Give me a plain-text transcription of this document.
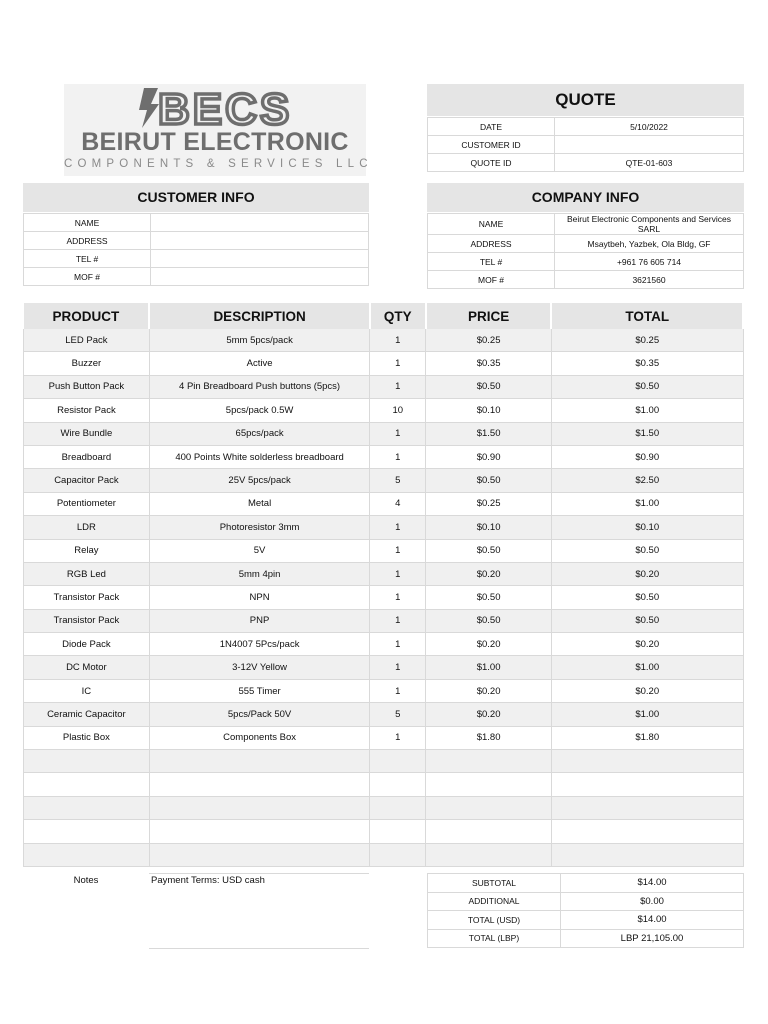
BECS
BEIRUT ELECTRONIC
COMPONENTS & SERVICES LLC
QUOTE
DATE	5/10/2022
CUSTOMER ID	
QUOTE ID	QTE-01-603
CUSTOMER INFO
NAME	
ADDRESS	
TEL #	
MOF #	
COMPANY INFO
NAME	Beirut Electronic Components and Services SARL
ADDRESS	Msaytbeh, Yazbek, Ola Bldg, GF
TEL #	+961 76 605 714
MOF #	3621560
PRODUCT	DESCRIPTION	QTY	PRICE	TOTAL
LED Pack	5mm 5pcs/pack	1	$0.25	$0.25
Buzzer	Active	1	$0.35	$0.35
Push Button Pack	4 Pin Breadboard Push buttons (5pcs)	1	$0.50	$0.50
Resistor Pack	5pcs/pack 0.5W	10	$0.10	$1.00
Wire Bundle	65pcs/pack	1	$1.50	$1.50
Breadboard	400 Points White solderless breadboard	1	$0.90	$0.90
Capacitor Pack	25V 5pcs/pack	5	$0.50	$2.50
Potentiometer	Metal	4	$0.25	$1.00
LDR	Photoresistor 3mm	1	$0.10	$0.10
Relay	5V	1	$0.50	$0.50
RGB Led	5mm 4pin	1	$0.20	$0.20
Transistor Pack	NPN	1	$0.50	$0.50
Transistor Pack	PNP	1	$0.50	$0.50
Diode Pack	1N4007 5Pcs/pack	1	$0.20	$0.20
DC Motor	3-12V Yellow	1	$1.00	$1.00
IC	555 Timer	1	$0.20	$0.20
Ceramic Capacitor	5pcs/Pack 50V	5	$0.20	$1.00
Plastic Box	Components Box	1	$1.80	$1.80

Notes	Payment Terms: USD cash	SUBTOTAL	$14.00
ADDITIONAL	$0.00
TOTAL (USD)	$14.00
TOTAL (LBP)	LBP 21,105.00
